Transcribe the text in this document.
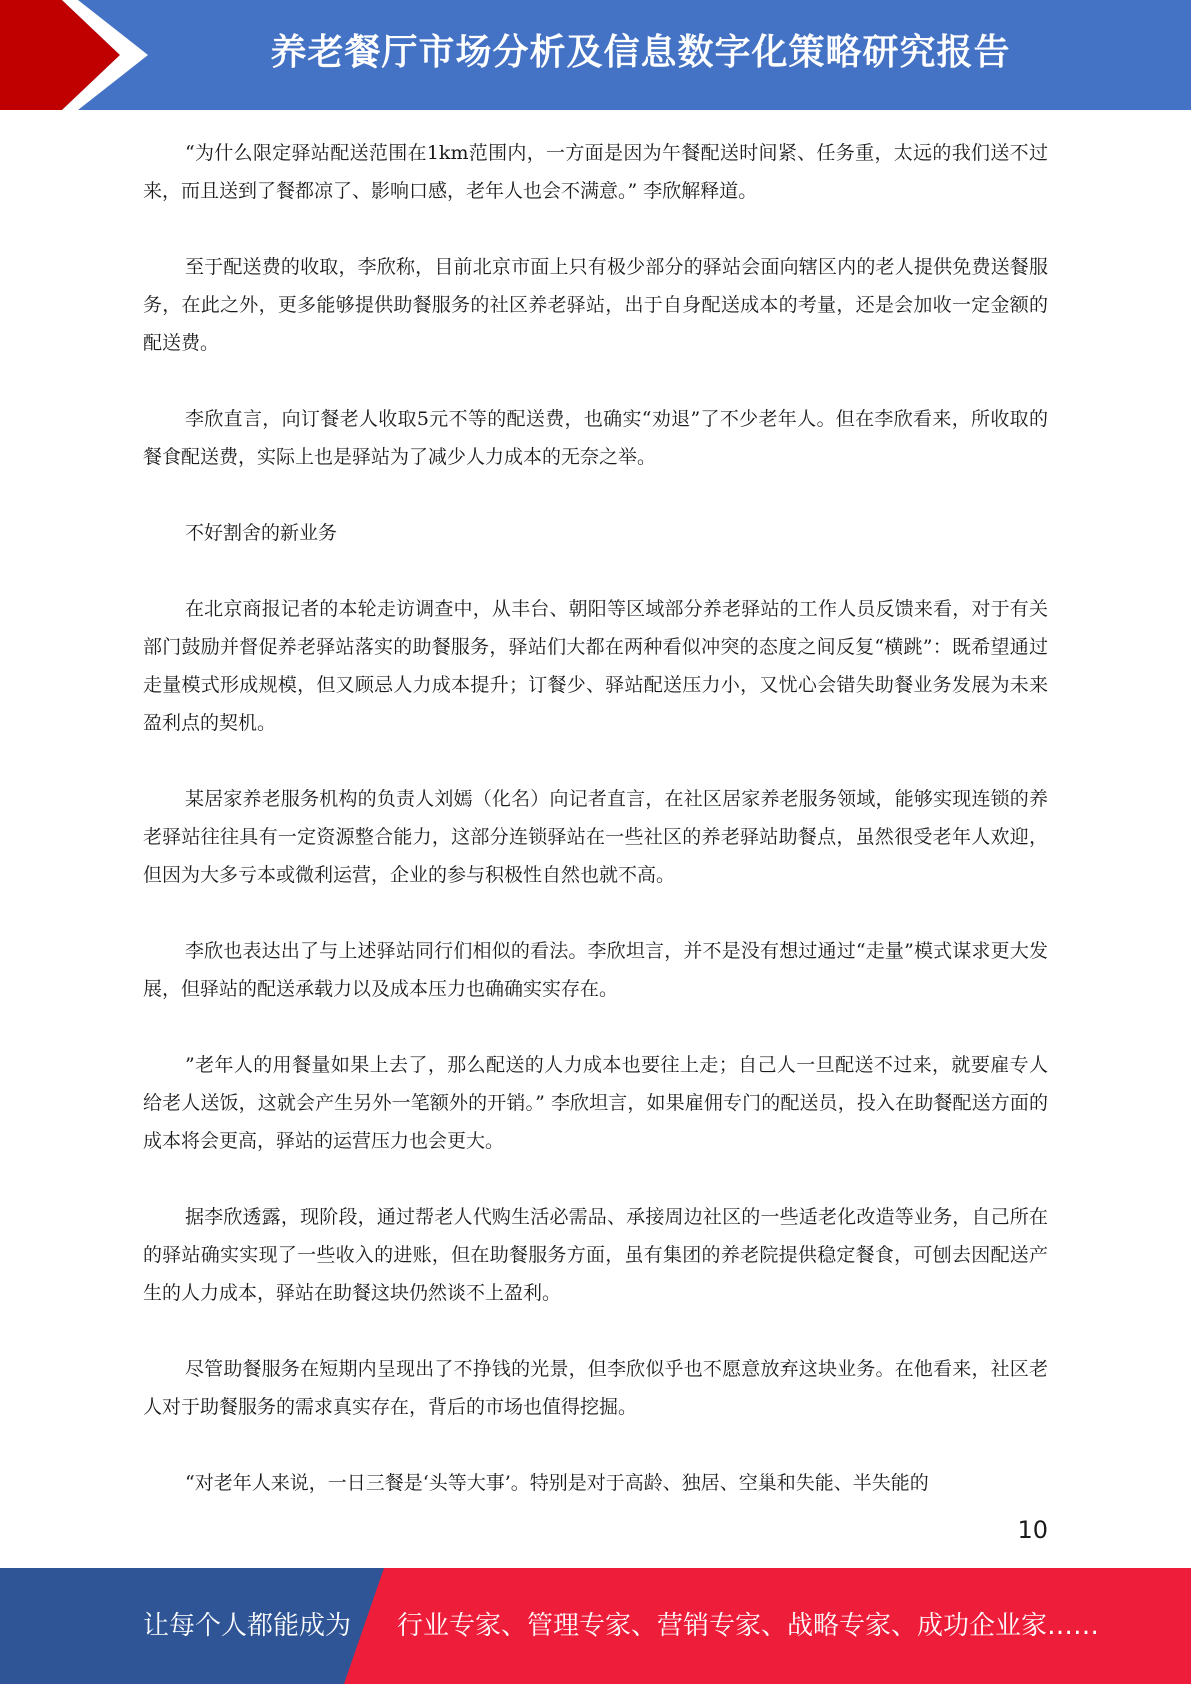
养老餐厅市场分析及信息数字化策略研究报告

“为什么限定驿站配送范围在1km范围内，一方面是因为午餐配送时间紧、任务重，太远的我们送不过来，而且送到了餐都凉了、影响口感，老年人也会不满意。” 李欣解释道。

至于配送费的收取，李欣称，目前北京市面上只有极少部分的驿站会面向辖区内的老人提供免费送餐服务，在此之外，更多能够提供助餐服务的社区养老驿站，出于自身配送成本的考量，还是会加收一定金额的配送费。

李欣直言，向订餐老人收取5元不等的配送费，也确实“劝退”了不少老年人。但在李欣看来，所收取的餐食配送费，实际上也是驿站为了减少人力成本的无奈之举。

不好割舍的新业务

在北京商报记者的本轮走访调查中，从丰台、朝阳等区域部分养老驿站的工作人员反馈来看，对于有关部门鼓励并督促养老驿站落实的助餐服务，驿站们大都在两种看似冲突的态度之间反复“横跳”：既希望通过走量模式形成规模，但又顾忌人力成本提升；订餐少、驿站配送压力小，又忧心会错失助餐业务发展为未来盈利点的契机。

某居家养老服务机构的负责人刘嫣（化名）向记者直言，在社区居家养老服务领域，能够实现连锁的养老驿站往往具有一定资源整合能力，这部分连锁驿站在一些社区的养老驿站助餐点，虽然很受老年人欢迎，但因为大多亏本或微利运营，企业的参与积极性自然也就不高。

李欣也表达出了与上述驿站同行们相似的看法。李欣坦言，并不是没有想过通过“走量”模式谋求更大发展，但驿站的配送承载力以及成本压力也确确实实存在。

”老年人的用餐量如果上去了，那么配送的人力成本也要往上走；自己人一旦配送不过来，就要雇专人给老人送饭，这就会产生另外一笔额外的开销。” 李欣坦言，如果雇佣专门的配送员，投入在助餐配送方面的成本将会更高，驿站的运营压力也会更大。

据李欣透露，现阶段，通过帮老人代购生活必需品、承接周边社区的一些适老化改造等业务，自己所在的驿站确实实现了一些收入的进账，但在助餐服务方面，虽有集团的养老院提供稳定餐食，可刨去因配送产生的人力成本，驿站在助餐这块仍然谈不上盈利。

尽管助餐服务在短期内呈现出了不挣钱的光景，但李欣似乎也不愿意放弃这块业务。在他看来，社区老人对于助餐服务的需求真实存在，背后的市场也值得挖掘。

“对老年人来说，一日三餐是‘头等大事’。特别是对于高龄、独居、空巢和失能、半失能的

10
让每个人都能成为 行业专家、管理专家、营销专家、战略专家、成功企业家……
